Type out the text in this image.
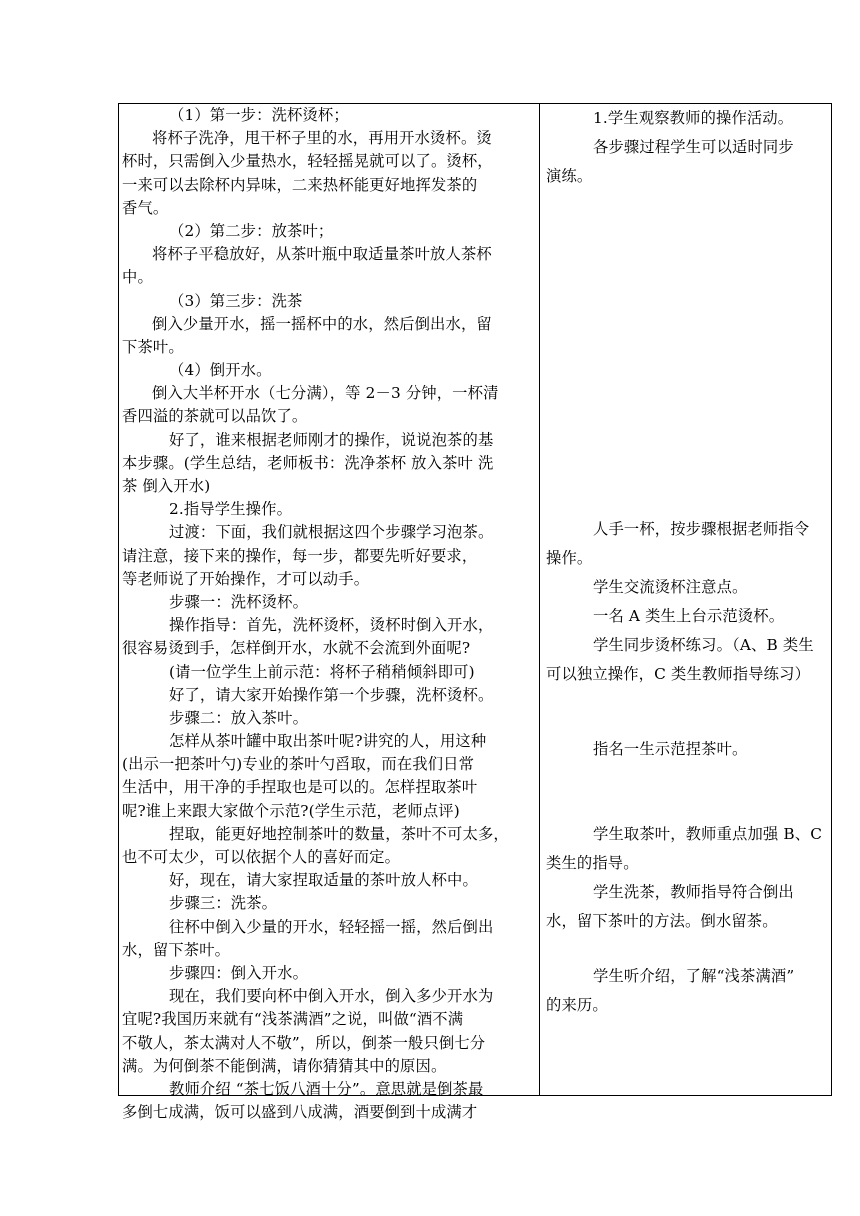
（1）第一步：洗杯烫杯；
将杯子洗净，甩干杯子里的水，再用开水烫杯。烫
杯时，只需倒入少量热水，轻轻摇晃就可以了。烫杯，
一来可以去除杯内异味，二来热杯能更好地挥发茶的
香气。
（2）第二步：放茶叶；
将杯子平稳放好，从茶叶瓶中取适量茶叶放人茶杯
中。
（3）第三步：洗茶
倒入少量开水，摇一摇杯中的水，然后倒出水，留
下茶叶。
（4）倒开水。
倒入大半杯开水（七分满），等 2－3 分钟，一杯清
香四溢的茶就可以品饮了。
好了，谁来根据老师刚才的操作，说说泡茶的基
本步骤。(学生总结，老师板书：洗净茶杯 放入茶叶 洗
茶 倒入开水)
2.指导学生操作。
过渡：下面，我们就根据这四个步骤学习泡茶。
请注意，接下来的操作，每一步，都要先听好要求，
等老师说了开始操作，才可以动手。
步骤一：洗杯烫杯。
操作指导：首先，洗杯烫杯，烫杯时倒入开水，
很容易烫到手，怎样倒开水，水就不会流到外面呢?
(请一位学生上前示范：将杯子稍稍倾斜即可)
好了，请大家开始操作第一个步骤，洗杯烫杯。
步骤二：放入茶叶。
怎样从茶叶罐中取出茶叶呢?讲究的人，用这种
(出示一把茶叶勺)专业的茶叶勺舀取，而在我们日常
生活中，用干净的手捏取也是可以的。怎样捏取茶叶
呢?谁上来跟大家做个示范?(学生示范，老师点评)
捏取，能更好地控制茶叶的数量，茶叶不可太多，
也不可太少，可以依据个人的喜好而定。
好，现在，请大家捏取适量的茶叶放人杯中。
步骤三：洗茶。
往杯中倒入少量的开水，轻轻摇一摇，然后倒出
水，留下茶叶。
步骤四：倒入开水。
现在，我们要向杯中倒入开水，倒入多少开水为
宜呢?我国历来就有“浅茶满酒”之说，叫做“酒不满
不敬人，茶太满对人不敬”，所以，倒茶一般只倒七分
满。为何倒茶不能倒满，请你猜猜其中的原因。
教师介绍 “茶七饭八酒十分”。意思就是倒茶最
多倒七成满，饭可以盛到八成满，酒要倒到十成满才
1.学生观察教师的操作活动。
各步骤过程学生可以适时同步
演练。
人手一杯，按步骤根据老师指令
操作。
学生交流烫杯注意点。
一名 A 类生上台示范烫杯。
学生同步烫杯练习。（A、B 类生
可以独立操作，C 类生教师指导练习）
指名一生示范捏茶叶。
学生取茶叶，教师重点加强 B、C
类生的指导。
学生洗茶，教师指导符合倒出
水，留下茶叶的方法。倒水留茶。
学生听介绍，了解“浅茶满酒”
的来历。
